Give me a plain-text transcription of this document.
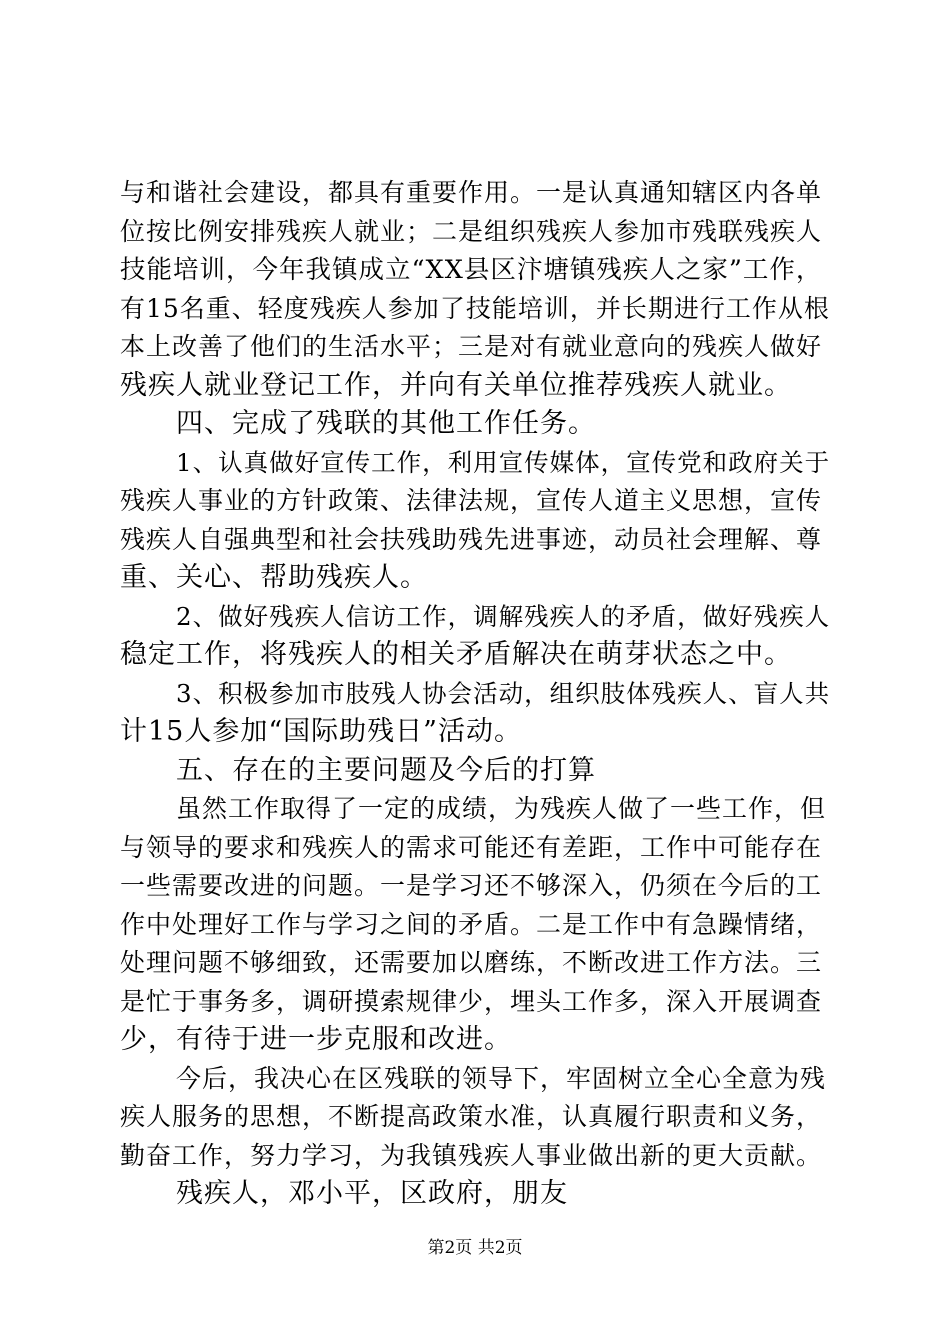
与和谐社会建设，都具有重要作用。一是认真通知辖区内各单
位按比例安排残疾人就业；二是组织残疾人参加市残联残疾人
技能培训，今年我镇成立“XX县区汴塘镇残疾人之家”工作，
有15名重、轻度残疾人参加了技能培训，并长期进行工作从根
本上改善了他们的生活水平；三是对有就业意向的残疾人做好
残疾人就业登记工作，并向有关单位推荐残疾人就业。
四、完成了残联的其他工作任务。
1、认真做好宣传工作，利用宣传媒体，宣传党和政府关于
残疾人事业的方针政策、法律法规，宣传人道主义思想，宣传
残疾人自强典型和社会扶残助残先进事迹，动员社会理解、尊
重、关心、帮助残疾人。
2、做好残疾人信访工作，调解残疾人的矛盾，做好残疾人
稳定工作，将残疾人的相关矛盾解决在萌芽状态之中。
3、积极参加市肢残人协会活动，组织肢体残疾人、盲人共
计15人参加“国际助残日”活动。
五、存在的主要问题及今后的打算
虽然工作取得了一定的成绩，为残疾人做了一些工作，但
与领导的要求和残疾人的需求可能还有差距，工作中可能存在
一些需要改进的问题。一是学习还不够深入，仍须在今后的工
作中处理好工作与学习之间的矛盾。二是工作中有急躁情绪，
处理问题不够细致，还需要加以磨练，不断改进工作方法。三
是忙于事务多，调研摸索规律少，埋头工作多，深入开展调查
少，有待于进一步克服和改进。
今后，我决心在区残联的领导下，牢固树立全心全意为残
疾人服务的思想，不断提高政策水准，认真履行职责和义务，
勤奋工作，努力学习，为我镇残疾人事业做出新的更大贡献。
残疾人，邓小平，区政府，朋友
第2页 共2页
